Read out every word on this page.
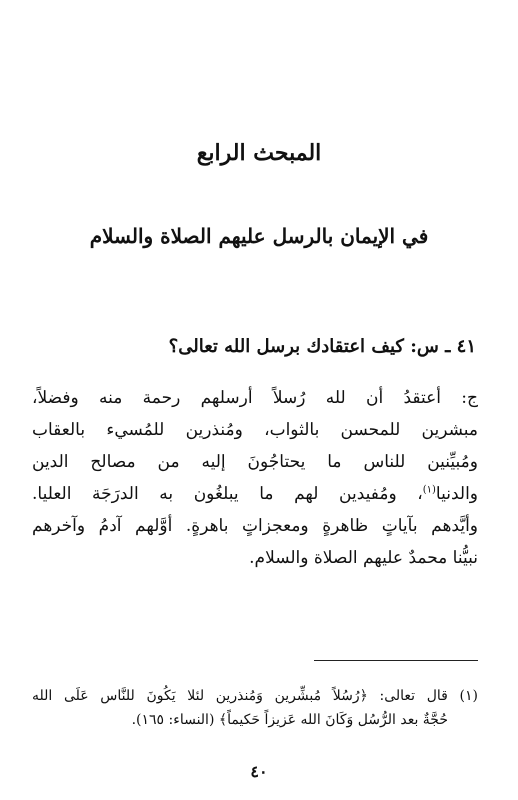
المبحث الرابع
في الإيمان بالرسل عليهم الصلاة والسلام

٤١ ـ س: كيف اعتقادك برسل الله تعالى؟

ج: أعتقدُ أن لله رُسلاً أرسلهم رحمة منه وفضلاً،
مبشرين للمحسن بالثواب، ومُنذرين للمُسيء بالعقاب
ومُبيِّنين للناس ما يحتاجُونَ إليه من مصالح الدين
والدنيا$^{(١)}$، ومُفيدين لهم ما يبلغُون به الدرَجَة العليا.
وأيَّدهم بآياتٍ ظاهرةٍ ومعجزاتٍ باهرةٍ. أوَّلهم آدمُ وآخرهم
نبيُّنا محمدٌ عليهم الصلاة والسلام.
(١) قال تعالى: ﴿رُسُلاً مُبشِّرين وَمُنذرين لئلا يَكُونَ للنَّاس عَلَى الله
حُجَّةٌ بعد الرُّسُل وَكَانَ الله عَزيزاً حَكيماً﴾ (النساء: ١٦٥).
٤٠
